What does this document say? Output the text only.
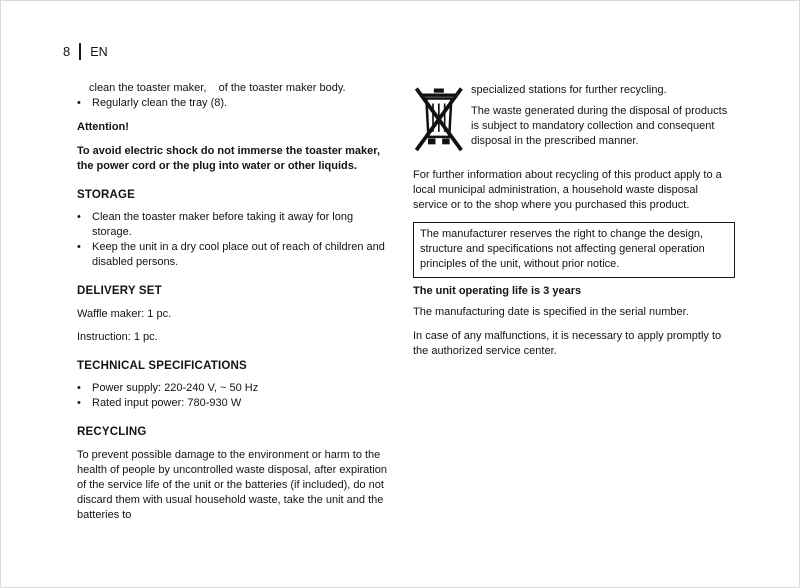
8 EN

clean the toaster maker,    of the toaster maker body.

•	Regularly clean the tray (8).

Attention!

To avoid electric shock do not immerse the toaster maker, the power cord or the plug into water or other liquids.

STORAGE

•	Clean the toaster maker before taking it away for long storage.
•	Keep the unit in a dry cool place out of reach of children and disabled persons.

DELIVERY SET

Waffle maker: 1 pc.

Instruction: 1 pc.

TECHNICAL SPECIFICATIONS

•	Power supply: 220-240 V, ~ 50 Hz
•	Rated input power: 780-930 W

RECYCLING

To prevent possible damage to the environment or harm to the health of people by uncontrolled waste disposal, after expiration of the service life of the unit or the batteries (if included), do not discard them with usual household waste, take the unit and the batteries to

specialized stations for further recycling.

The waste generated during the disposal of products is subject to mandatory collection and consequent disposal in the prescribed manner.

For further information about recycling of this product apply to a local municipal administration, a household waste disposal service or to the shop where you purchased this product.

The manufacturer reserves the right to change the design, structure and specifications not affecting general operation principles of the unit, without prior notice.

The unit operating life is 3 years

The manufacturing date is specified in the serial number.

In case of any malfunctions, it is necessary to apply promptly to the authorized service center.
